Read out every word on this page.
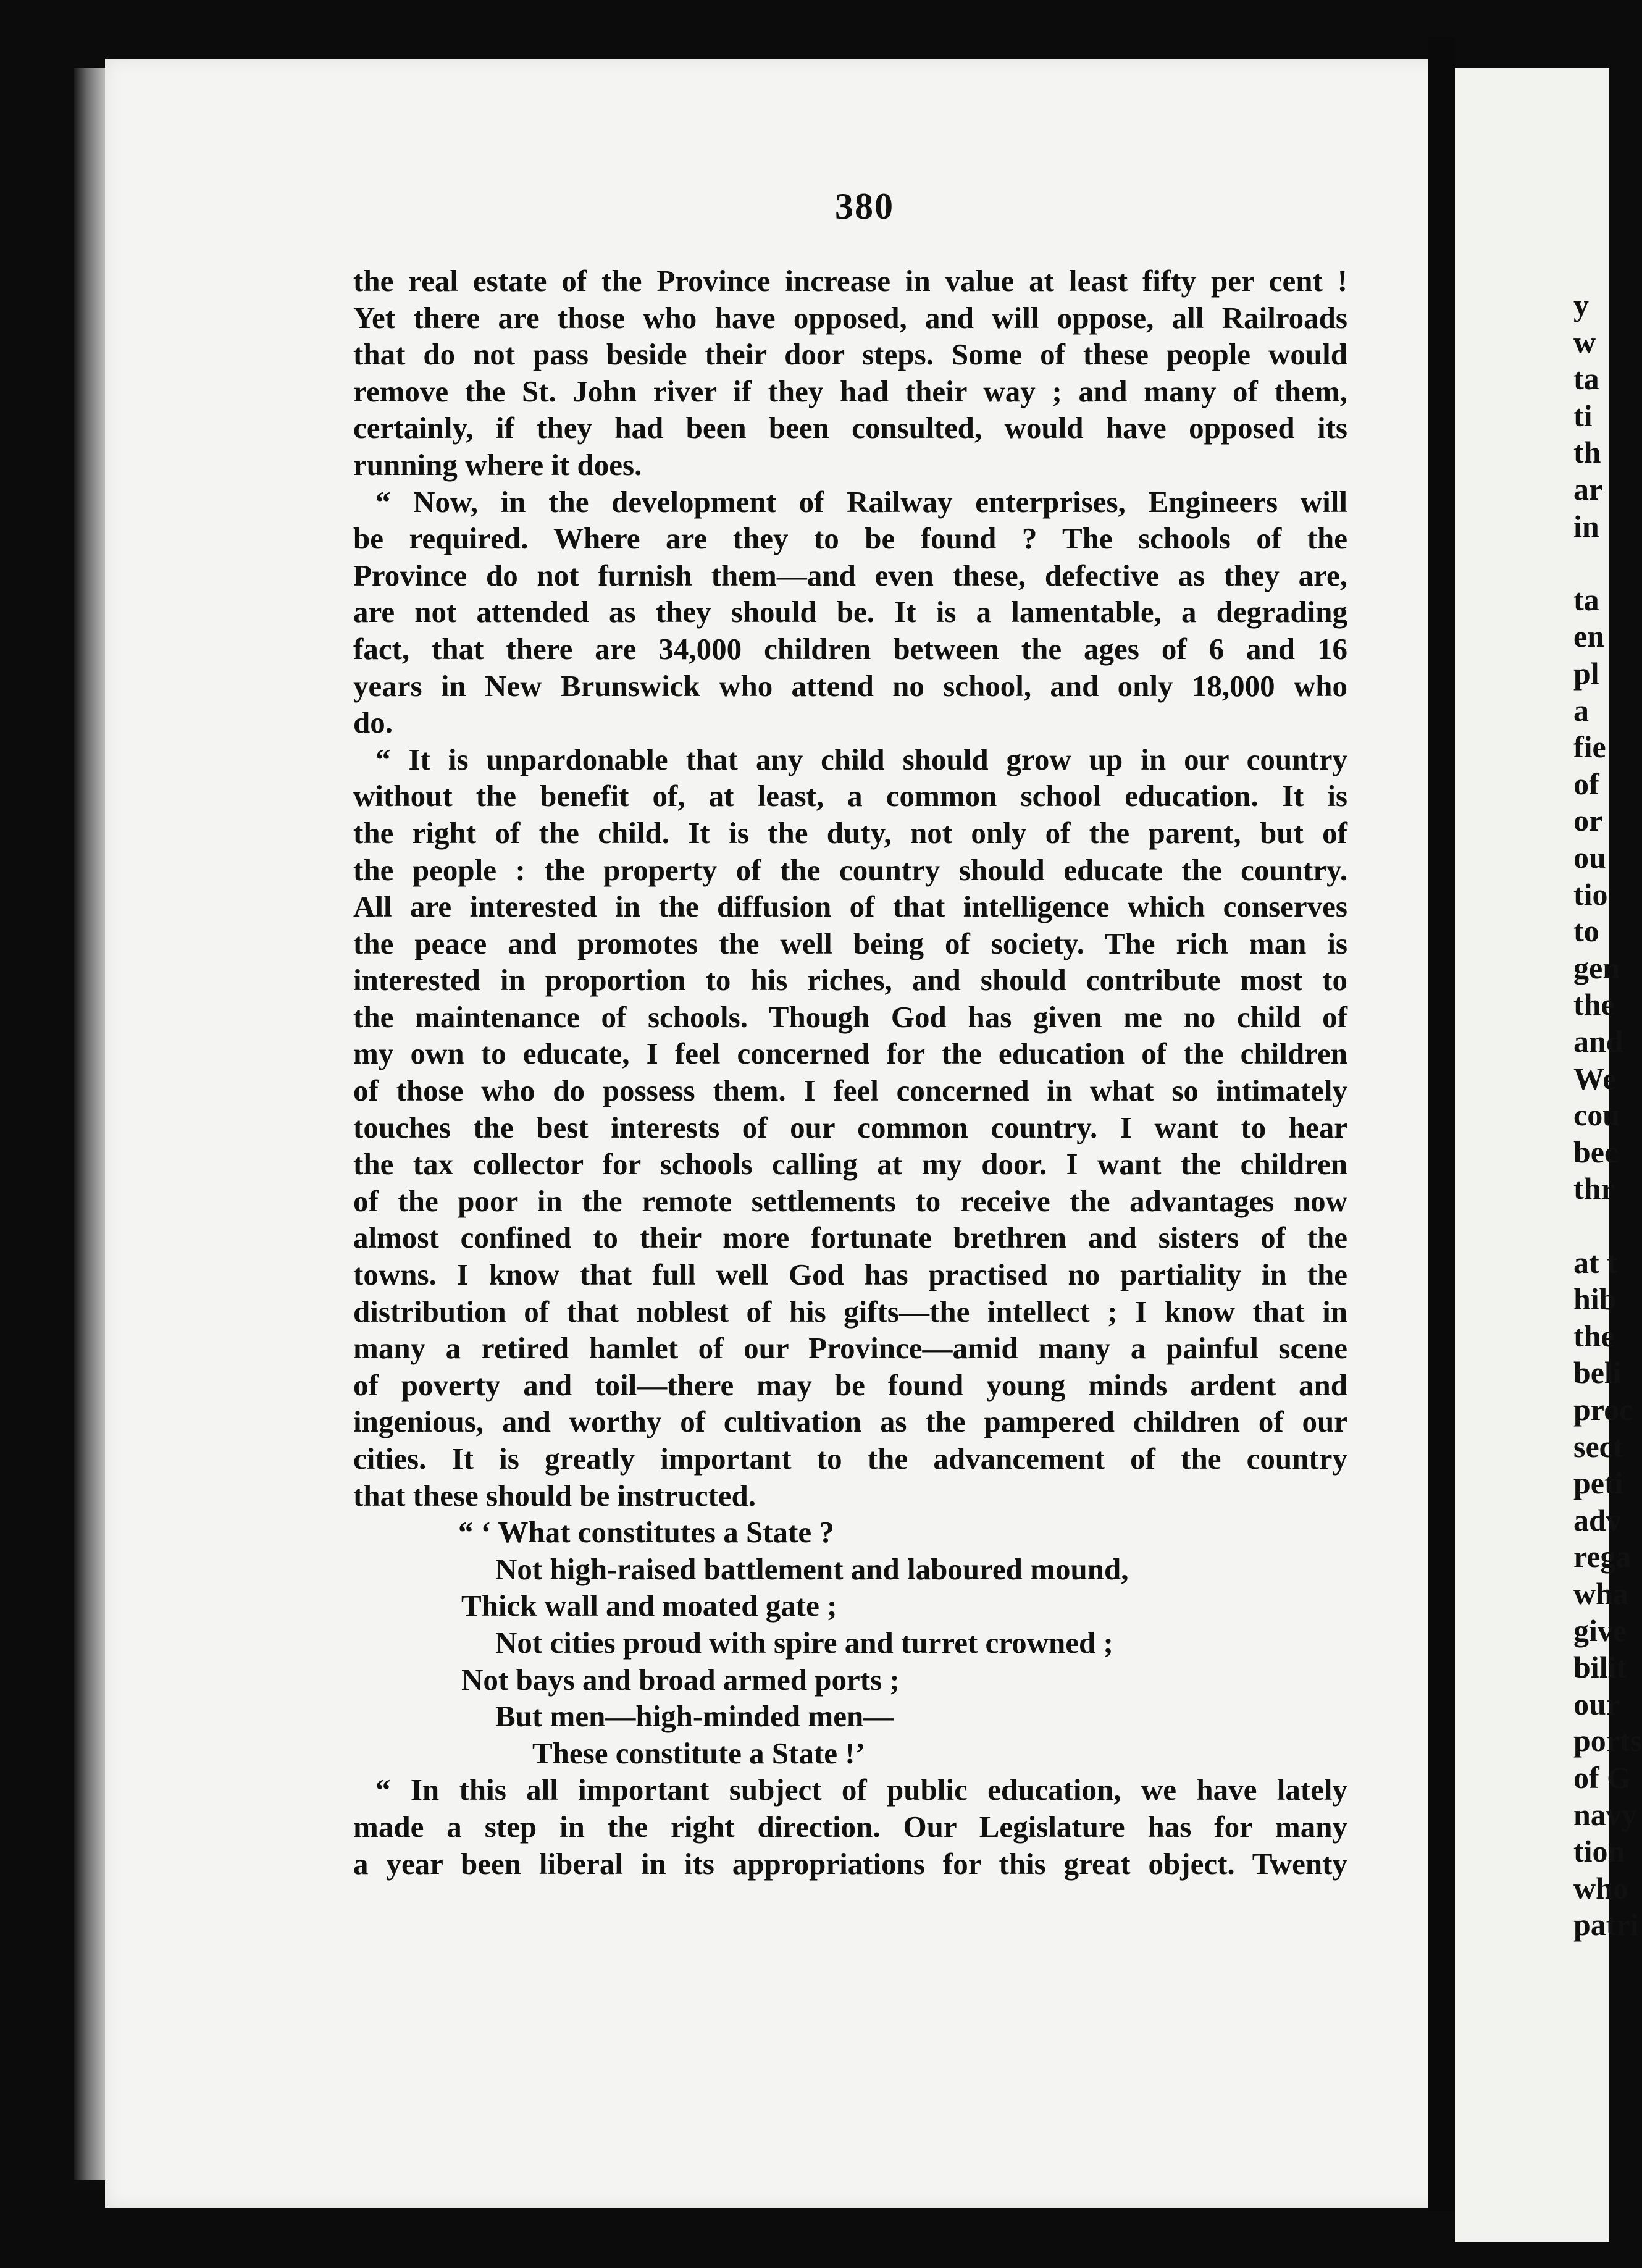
380
the real estate of the Province increase in value at least fifty per cent !
Yet there are those who have opposed, and will oppose, all Railroads
that do not pass beside their door steps. Some of these people would
remove the St. John river if they had their way ; and many of them,
certainly, if they had been been consulted, would have opposed its
running where it does.
“ Now, in the development of Railway enterprises, Engineers will
be required. Where are they to be found ? The schools of the
Province do not furnish them—and even these, defective as they are,
are not attended as they should be. It is a lamentable, a degrading
fact, that there are 34,000 children between the ages of 6 and 16
years in New Brunswick who attend no school, and only 18,000 who
do.
“ It is unpardonable that any child should grow up in our country
without the benefit of, at least, a common school education. It is
the right of the child. It is the duty, not only of the parent, but of
the people : the property of the country should educate the country.
All are interested in the diffusion of that intelligence which conserves
the peace and promotes the well being of society. The rich man is
interested in proportion to his riches, and should contribute most to
the maintenance of schools. Though God has given me no child of
my own to educate, I feel concerned for the education of the children
of those who do possess them. I feel concerned in what so intimately
touches the best interests of our common country. I want to hear
the tax collector for schools calling at my door. I want the children
of the poor in the remote settlements to receive the advantages now
almost confined to their more fortunate brethren and sisters of the
towns. I know that full well God has practised no partiality in the
distribution of that noblest of his gifts—the intellect ; I know that in
many a retired hamlet of our Province—amid many a painful scene
of poverty and toil—there may be found young minds ardent and
ingenious, and worthy of cultivation as the pampered children of our
cities. It is greatly important to the advancement of the country
that these should be instructed.
“ ‘ What constitutes a State ?
Not high-raised battlement and laboured mound,
Thick wall and moated gate ;
Not cities proud with spire and turret crowned ;
Not bays and broad armed ports ;
But men—high-minded men—
These constitute a State !’
“ In this all important subject of public education, we have lately
made a step in the right direction. Our Legislature has for many
a year been liberal in its appropriations for this great object. Twenty
y
w
ta
ti
th
ar
in
ta
en
pl
a
fie
of
or
ou
tio
to
gen
the
and
We
cou
bec
thr
at t
hib
the
beli
proc
sect
peti
adv
rega
wha
give
bilit
our
ports
of G
navy
tion
who
patri
